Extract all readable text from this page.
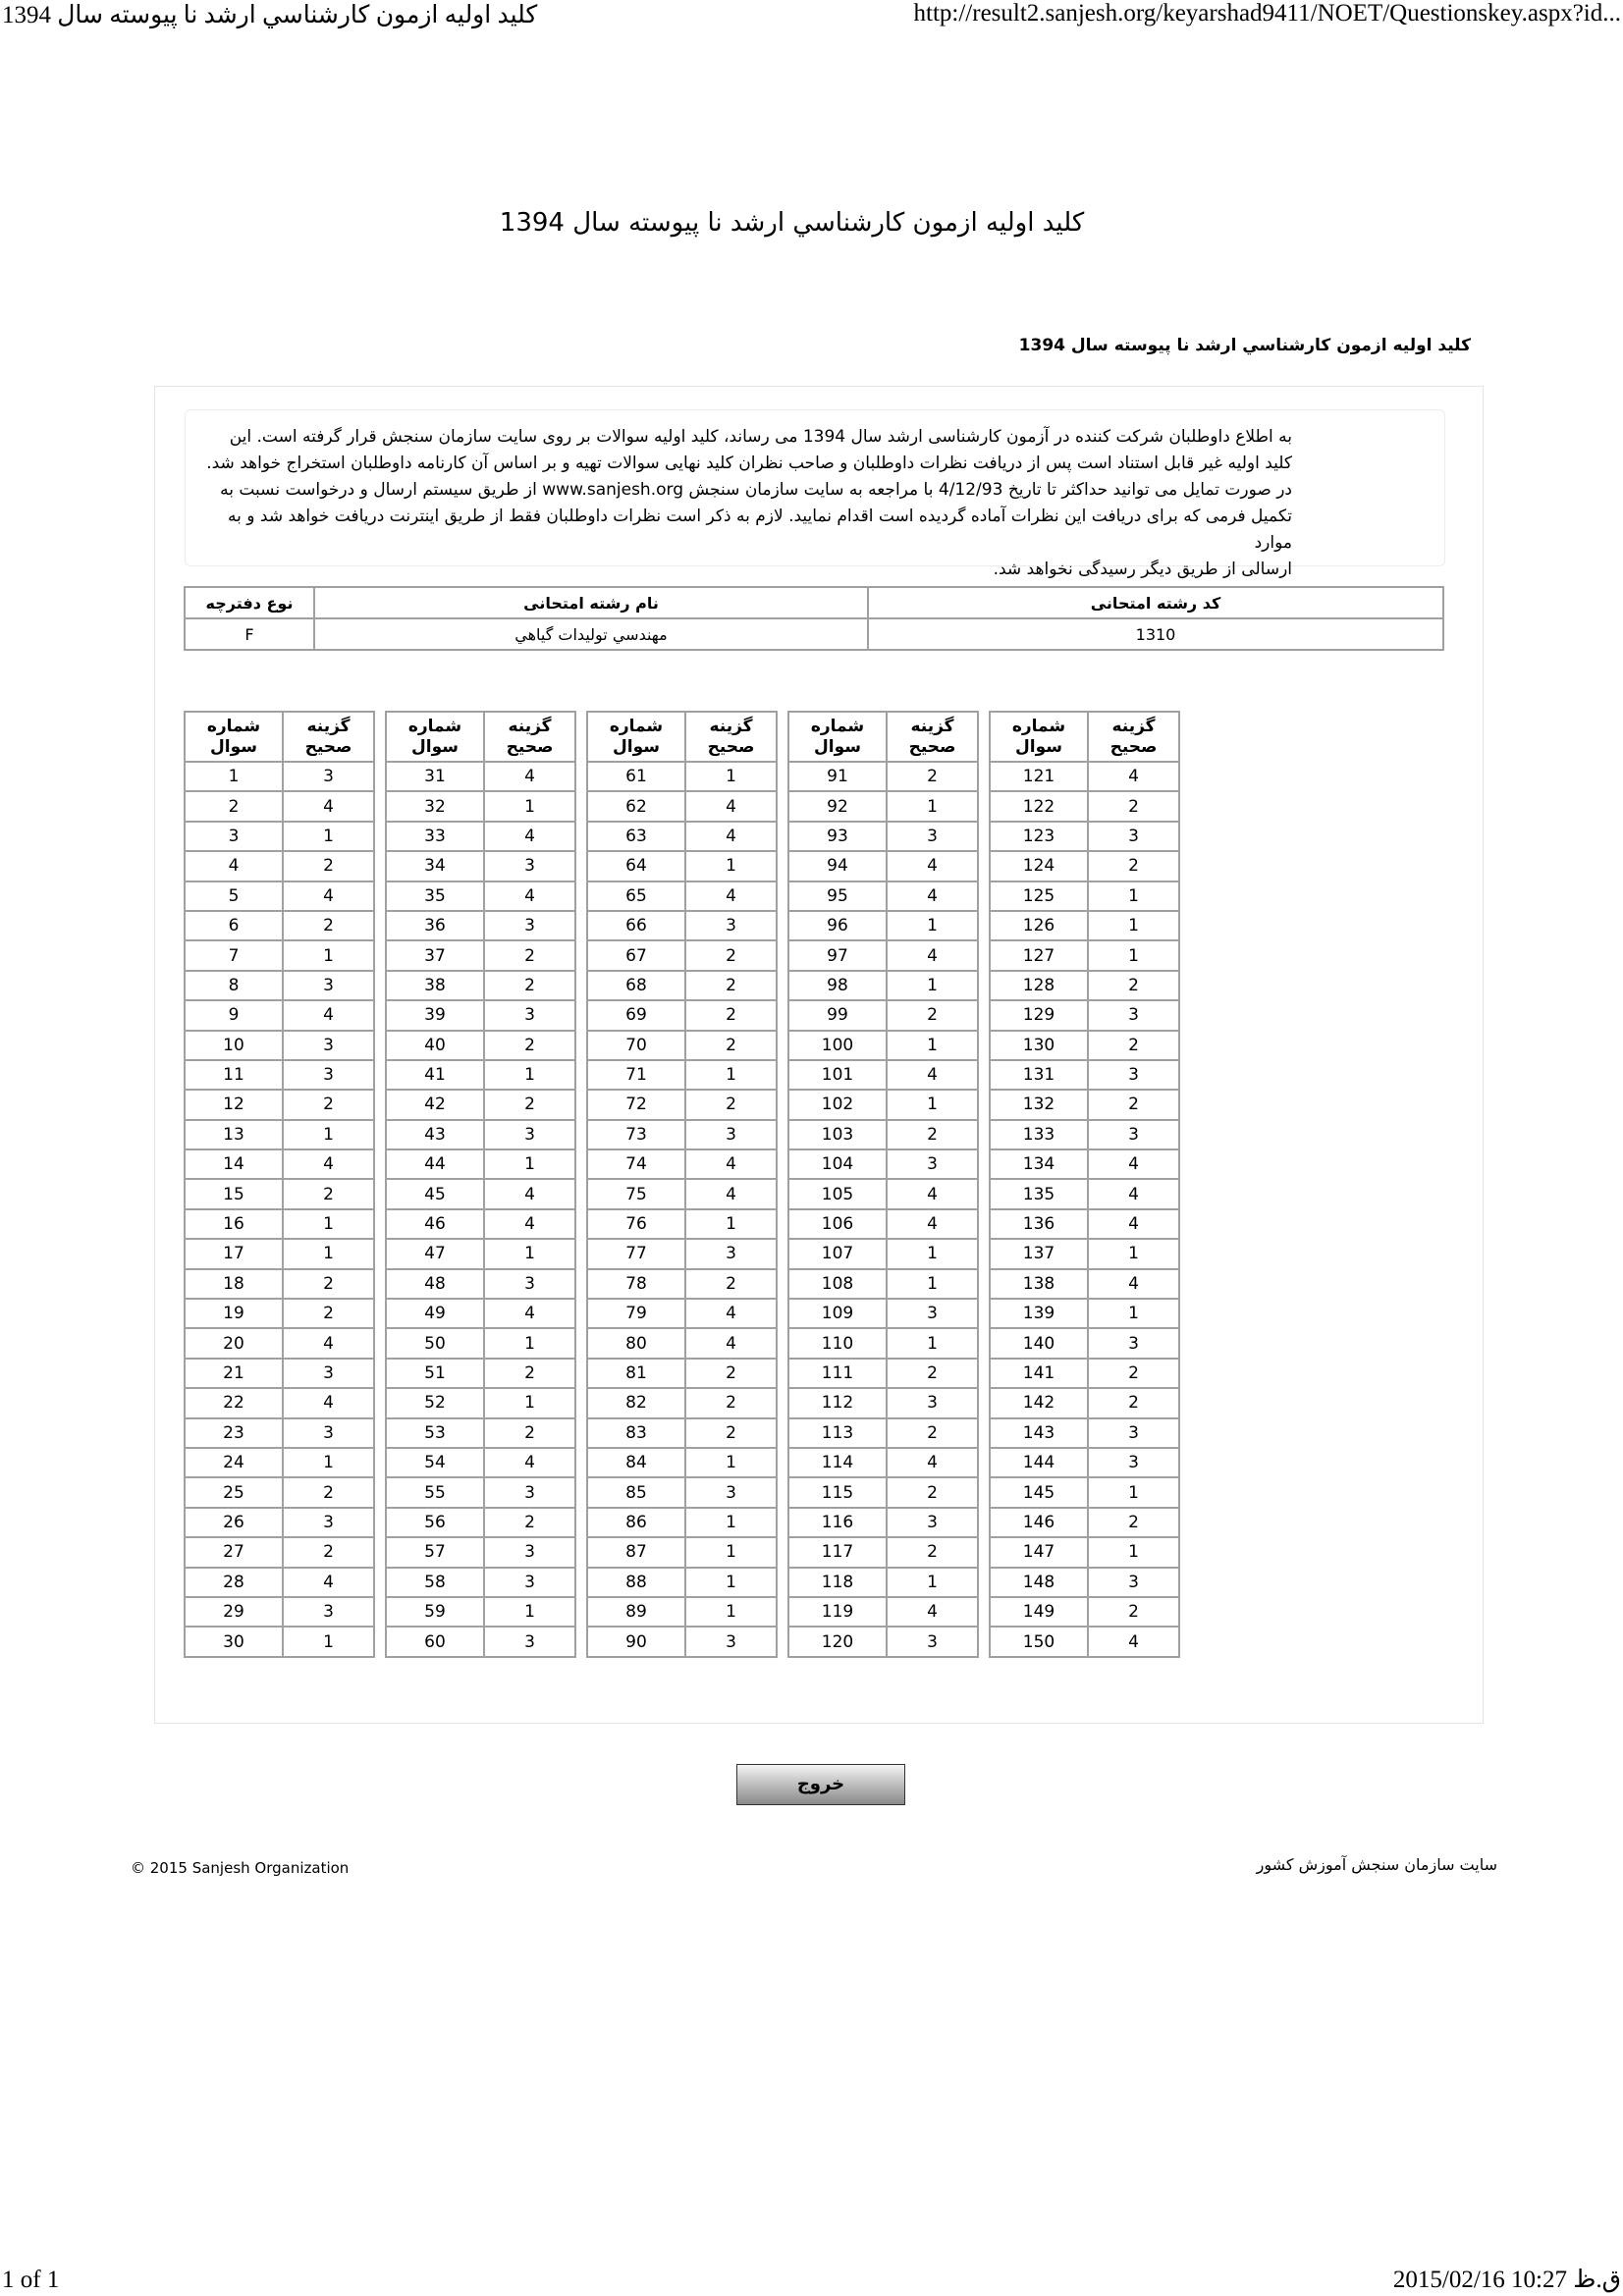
كليد اوليه ازمون كارشناسي ارشد نا پيوسته سال 1394	http://result2.sanjesh.org/keyarshad9411/NOET/Questionskey.aspx?id...
كليد اوليه ازمون كارشناسي ارشد نا پيوسته سال 1394
كليد اوليه ازمون كارشناسي ارشد نا پيوسته سال 1394

به اطلاع داوطلبان شرکت کننده در آزمون کارشناسی ارشد سال 1394 می رساند، کلید اولیه سوالات بر روی سایت سازمان سنجش قرار گرفته است. این

کلید اولیه غیر قابل استناد است پس از دریافت نظرات داوطلبان و صاحب نظران کلید نهایی سوالات تهیه و بر اساس آن کارنامه داوطلبان استخراج خواهد شد.

در صورت تمایل می توانید حداکثر تا تاریخ 4/12/93 با مراجعه به سایت سازمان سنجش www.sanjesh.org از طریق سیستم ارسال و درخواست نسبت به

تکمیل فرمی که برای دریافت این نظرات آماده گردیده است اقدام نمایید. لازم به ذکر است نظرات داوطلبان فقط از طریق اینترنت دریافت خواهد شد و به موارد

ارسالی از طریق دیگر رسیدگی نخواهد شد.

كد رشته امتحانی	نام رشته امتحانی	نوع دفترچه
1310	مهندسي توليدات گیاهي	F
شماره سوال	گزینه صحیح
1	3
2	4
3	1
4	2
5	4
6	2
7	1
8	3
9	4
10	3
11	3
12	2
13	1
14	4
15	2
16	1
17	1
18	2
19	2
20	4
21	3
22	4
23	3
24	1
25	2
26	3
27	2
28	4
29	3
30	1
شماره سوال	گزینه صحیح
31	4
32	1
33	4
34	3
35	4
36	3
37	2
38	2
39	3
40	2
41	1
42	2
43	3
44	1
45	4
46	4
47	1
48	3
49	4
50	1
51	2
52	1
53	2
54	4
55	3
56	2
57	3
58	3
59	1
60	3
شماره سوال	گزینه صحیح
61	1
62	4
63	4
64	1
65	4
66	3
67	2
68	2
69	2
70	2
71	1
72	2
73	3
74	4
75	4
76	1
77	3
78	2
79	4
80	4
81	2
82	2
83	2
84	1
85	3
86	1
87	1
88	1
89	1
90	3
شماره سوال	گزینه صحیح
91	2
92	1
93	3
94	4
95	4
96	1
97	4
98	1
99	2
100	1
101	4
102	1
103	2
104	3
105	4
106	4
107	1
108	1
109	3
110	1
111	2
112	3
113	2
114	4
115	2
116	3
117	2
118	1
119	4
120	3
شماره سوال	گزینه صحیح
121	4
122	2
123	3
124	2
125	1
126	1
127	1
128	2
129	3
130	2
131	3
132	2
133	3
134	4
135	4
136	4
137	1
138	4
139	1
140	3
141	2
142	2
143	3
144	3
145	1
146	2
147	1
148	3
149	2
150	4
خروج
© 2015 Sanjesh Organization	سایت سازمان سنجش آموزش کشور
1 of 1	2015/02/16 10:27 ق.ظ
